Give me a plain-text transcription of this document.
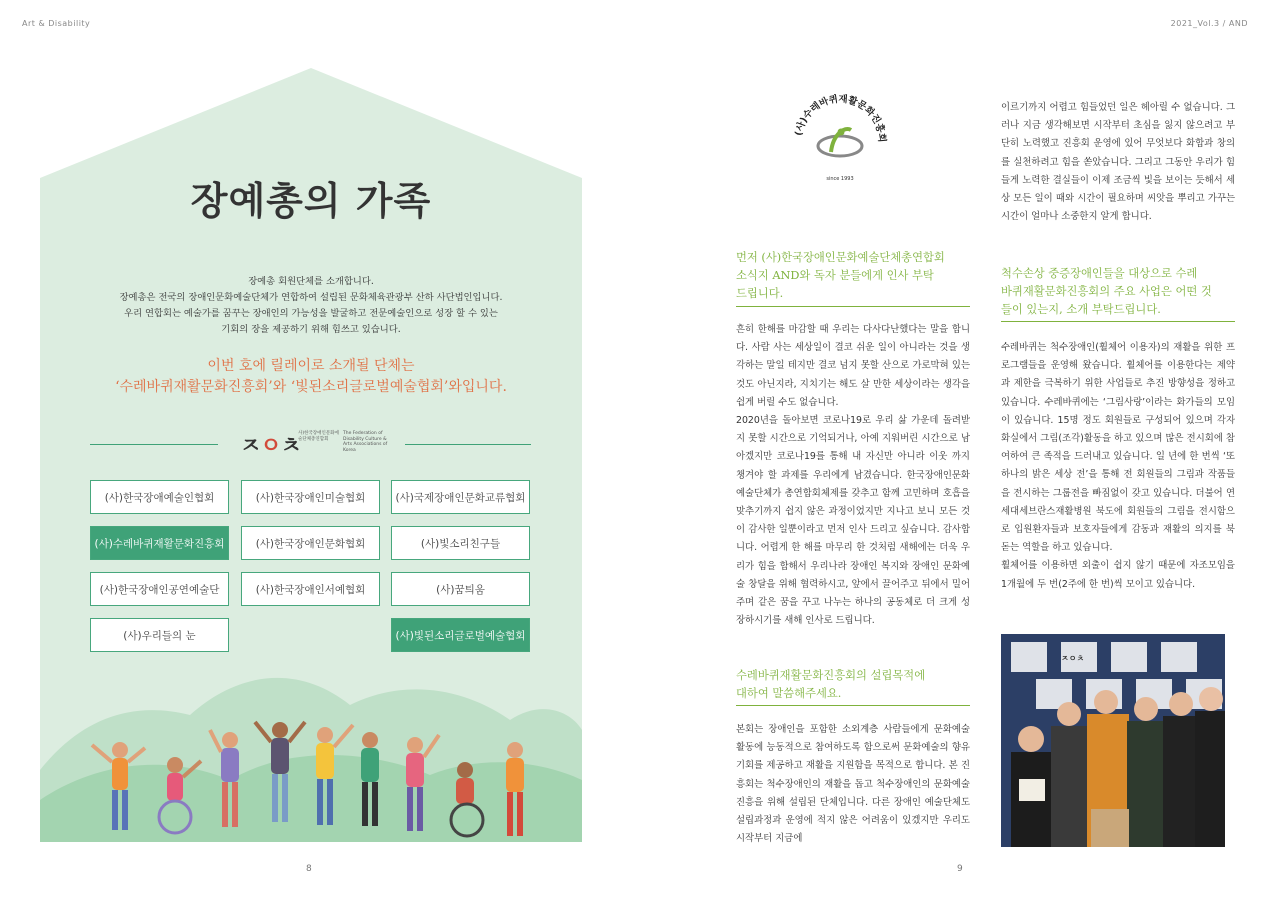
Art & Disability
장예총의 가족
장예총 회원단체를 소개합니다.
장예총은 전국의 장애인문화예술단체가 연합하여 설립된 문화체육관광부 산하 사단법인입니다.
우리 연합회는 예술가를 꿈꾸는 장애인의 가능성을 발굴하고 전문예술인으로 성장 할 수 있는
기회의 장을 제공하기 위해 힘쓰고 있습니다.
이번 호에 릴레이로 소개될 단체는
‘수레바퀴재활문화진흥회’와 ‘빛된소리글로벌예술협회’와입니다.
ㅈㅇㅊ
사)한국장애인문화예술단체총연합회
The Federation of Disability Culture & Arts Associations of Korea
(사)한국장애예술인협회	(사)한국장애인미술협회	(사)국제장애인문화교류협회
(사)수레바퀴재활문화진흥회	(사)한국장애인문화협회	(사)빛소리친구들
(사)한국장애인공연예술단	(사)한국장애인서예협회	(사)꿈틔움
(사)우리들의 눈	(사)빛된소리글로벌예술협회
8
2021_Vol.3 / AND
(사)수레바퀴재활문화진흥회
since 1993
먼저 (사)한국장애인문화예술단체총연합회
소식지 AND와 독자 분들에게 인사 부탁
드립니다.
흔히 한해를 마감할 때 우리는 다사다난했다는 말을 합니다. 사람 사는 세상일이 결코 쉬운 일이 아니라는 것을 생각하는 말일 테지만 결코 넘지 못할 산으로 가로막혀 있는 것도 아닌지라, 지치기는 해도 살 만한 세상이라는 생각을 쉽게 버릴 수도 없습니다.
2020년을 돌아보면 코로나19로 우리 삶 가운데 돌려받지 못할 시간으로 기억되거나, 아예 지워버린 시간으로 남아겠지만 코로나19를 통해 내 자신만 아니라 이웃 까지 챙겨야 할 과제를 우리에게 남겼습니다. 한국장애인문화예술단체가 총연합회체제를 갖추고 함께 고민하며 호흡을 맞추기까지 쉽지 않은 과정이었지만 지나고 보니 모든 것이 감사한 일뿐이라고 먼저 인사 드리고 싶습니다. 감사합니다. 어렵게 한 해를 마무리 한 것처럼 새해에는 더욱 우리가 힘을 합해서 우리나라 장애인 복지와 장애인 문화예술 창달을 위해 협력하시고, 앞에서 끌어주고 뒤에서 밀어주며 같은 꿈을 꾸고 나누는 하나의 공동체로 더 크게 성장하시기를 새해 인사로 드립니다.
수레바퀴재활문화진흥회의 설립목적에
대하여 말씀해주세요.
본회는 장애인을 포함한 소외계층 사람들에게 문화예술 활동에 능동적으로 참여하도록 함으로써 문화예술의 향유 기회를 제공하고 재활을 지원함을 목적으로 합니다. 본 진흥회는 척수장애인의 재활을 돕고 척수장애인의 문화예술진흥을 위해 설립된 단체입니다. 다른 장애인 예술단체도 설립과정과 운영에 적지 않은 어려움이 있겠지만 우리도 시작부터 지금에
이르기까지 어렵고 힘들었던 일은 헤아릴 수 없습니다. 그러나 지금 생각해보면 시작부터 초심을 잃지 않으려고 부단히 노력했고 진흥회 운영에 있어 무엇보다 화합과 창의를 실천하려고 힘을 쏟았습니다. 그리고 그동안 우리가 힘들게 노력한 결실들이 이제 조금씩 빛을 보이는 듯해서 세상 모든 일이 때와 시간이 필요하며 씨앗을 뿌리고 가꾸는 시간이 얼마나 소중한지 알게 합니다.
척수손상 중증장애인들을 대상으로 수레
바퀴재활문화진흥회의 주요 사업은 어떤 것
들이 있는지, 소개 부탁드립니다.
수레바퀴는 척수장애인(휠체어 이용자)의 재활을 위한 프로그램들을 운영해 왔습니다. 휠체어를 이용한다는 제약과 제한을 극복하기 위한 사업들로 추진 방향성을 정하고 있습니다. 수레바퀴에는 ‘그림사랑’이라는 화가들의 모임이 있습니다. 15명 정도 회원들로 구성되어 있으며 각자 화실에서 그림(조각)활동을 하고 있으며 많은 전시회에 참여하여 큰 족적을 드러내고 있습니다. 일 년에 한 번씩 ‘또 하나의 밝은 세상 전’을 통해 전 회원들의 그림과 작품들을 전시하는 그룹전을 빠짐없이 갖고 있습니다. 더불어 연세대세브란스재활병원 북도에 회원들의 그림을 전시함으로 입원환자들과 보호자들에게 감동과 재활의 의지를 북돋는 역할을 하고 있습니다.
휠체어를 이용하면 외출이 쉽지 않기 때문에 자조모임을 1개월에 두 번(2주에 한 번)씩 모이고 있습니다.
ㅈㅇㅊ
9
